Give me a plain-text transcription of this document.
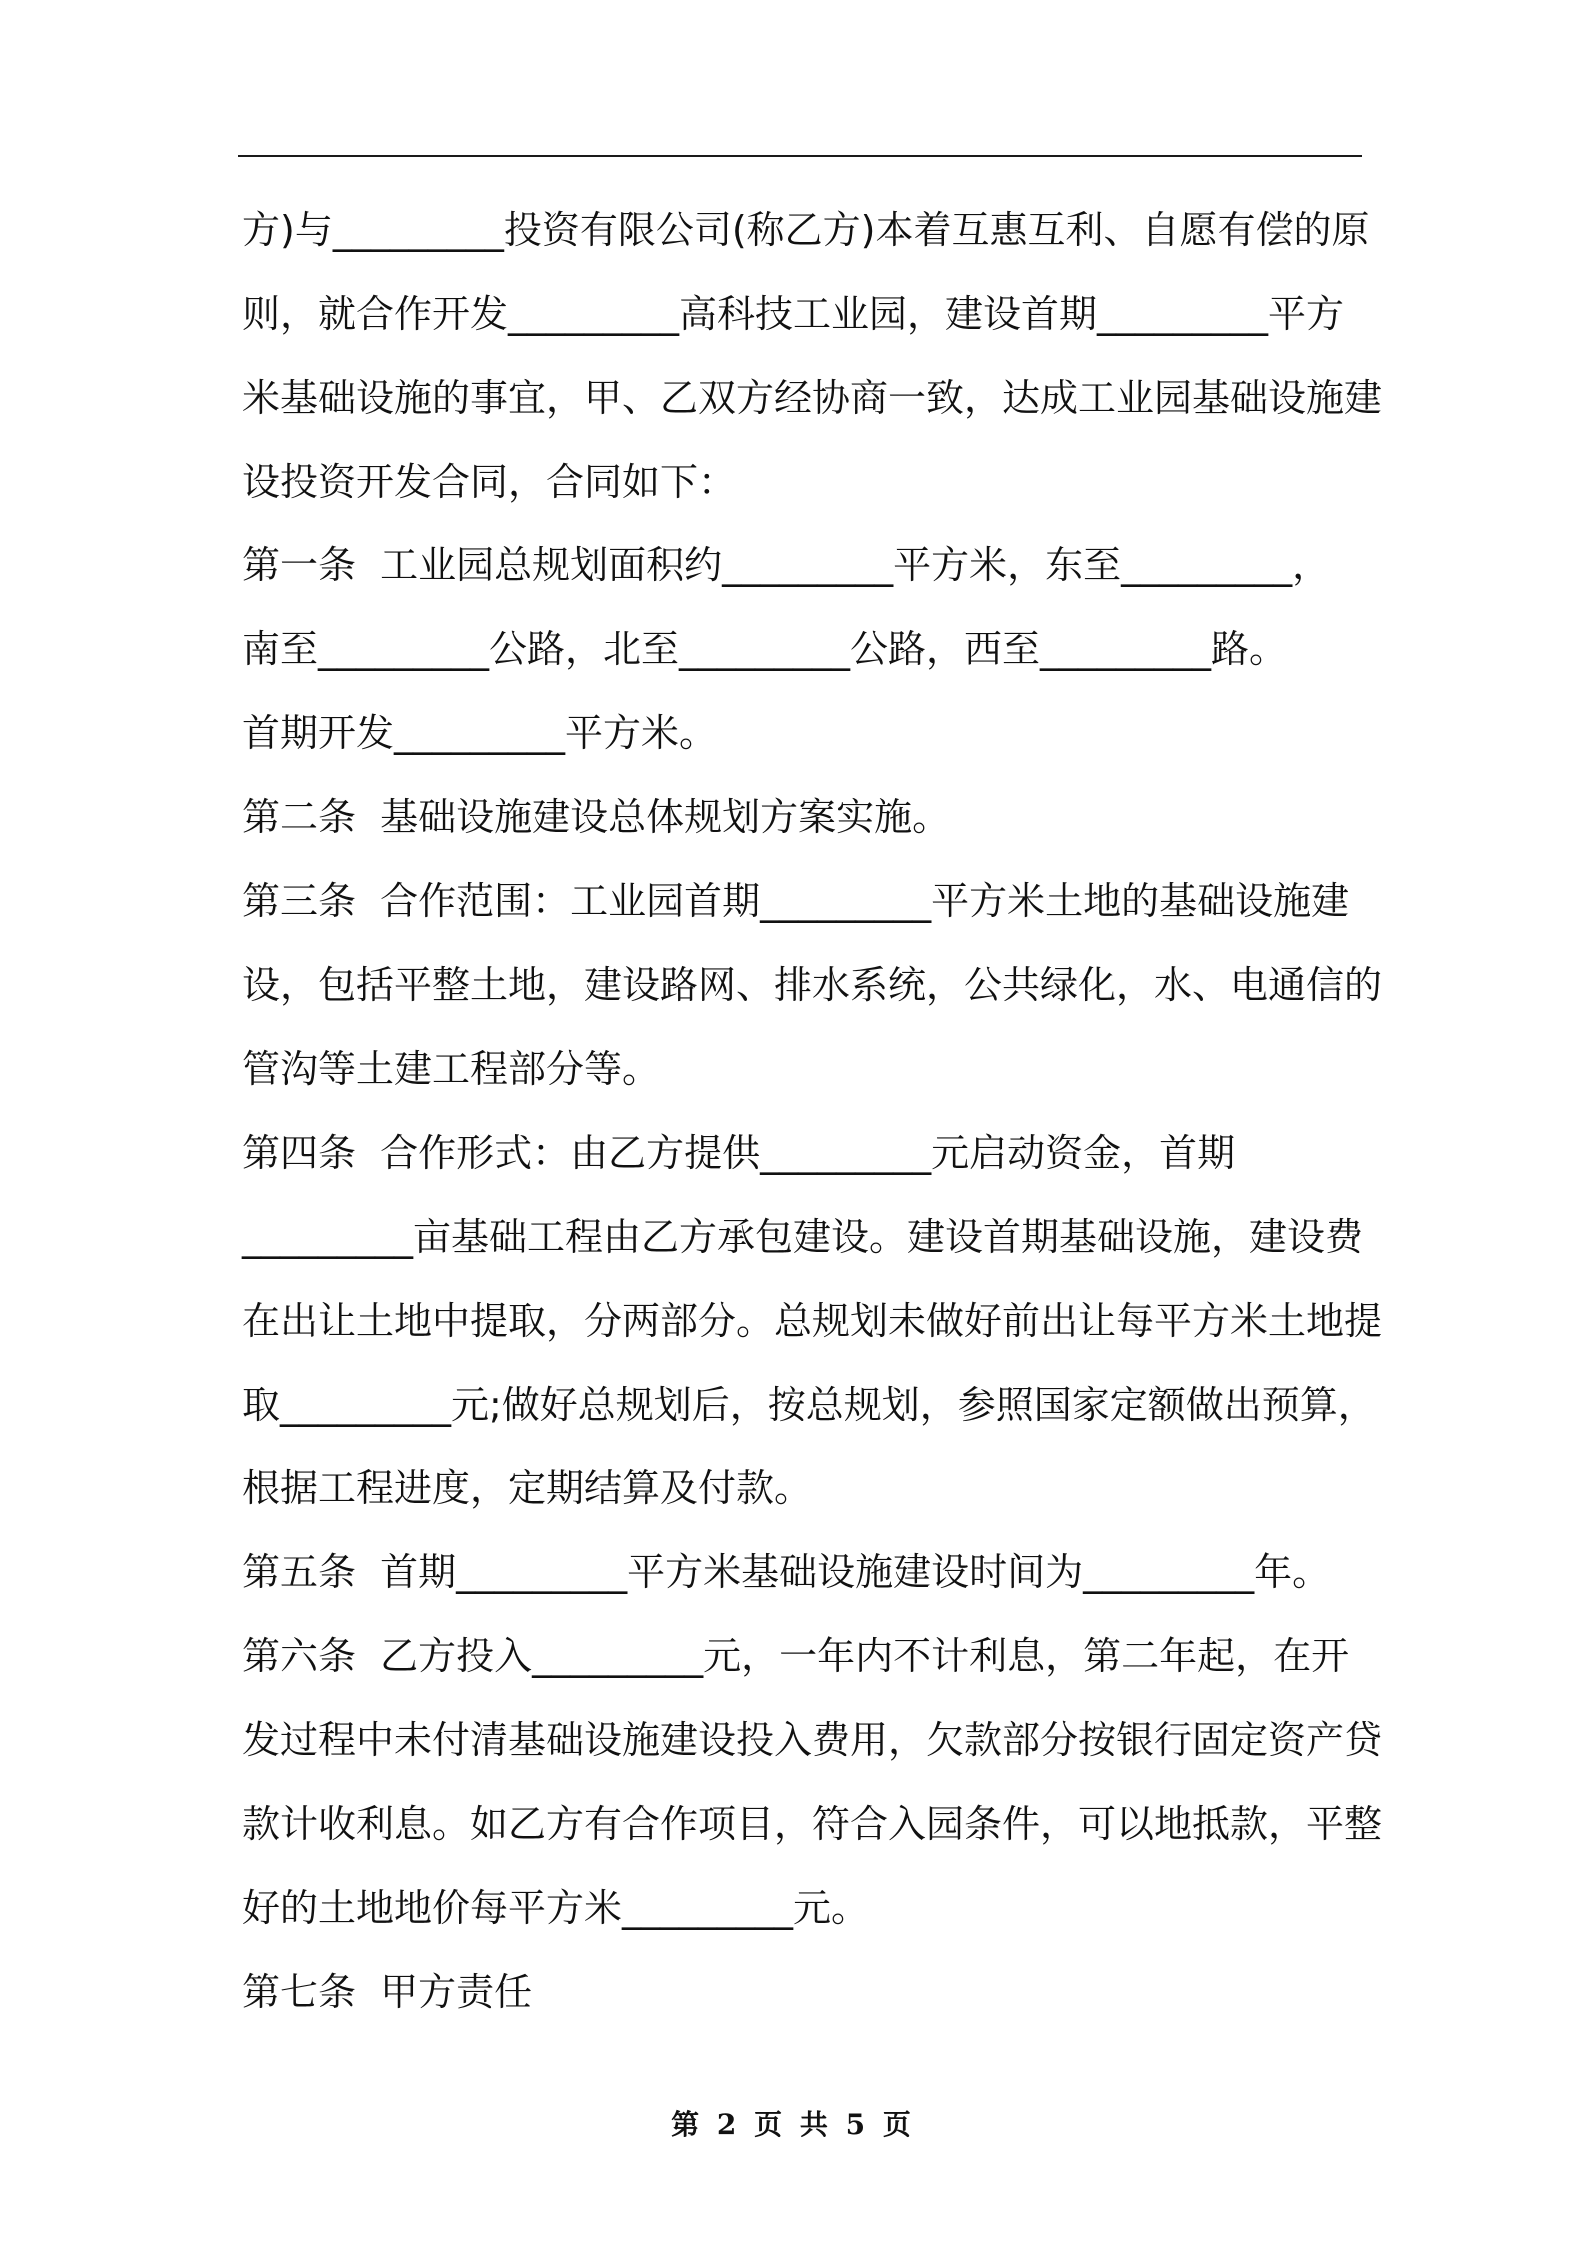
方)与_________投资有限公司(称乙方)本着互惠互利、自愿有偿的原
则，就合作开发_________高科技工业园，建设首期_________平方
米基础设施的事宜，甲、乙双方经协商一致，达成工业园基础设施建
设投资开发合同，合同如下：
第一条  工业园总规划面积约_________平方米，东至_________，
南至_________公路，北至_________公路，西至_________路。
首期开发_________平方米。
第二条  基础设施建设总体规划方案实施。
第三条  合作范围：工业园首期_________平方米土地的基础设施建
设，包括平整土地，建设路网、排水系统，公共绿化，水、电通信的
管沟等土建工程部分等。
第四条  合作形式：由乙方提供_________元启动资金，首期
_________亩基础工程由乙方承包建设。建设首期基础设施，建设费
在出让土地中提取，分两部分。总规划未做好前出让每平方米土地提
取_________元;做好总规划后，按总规划，参照国家定额做出预算，
根据工程进度，定期结算及付款。
第五条  首期_________平方米基础设施建设时间为_________年。
第六条  乙方投入_________元，一年内不计利息，第二年起，在开
发过程中未付清基础设施建设投入费用，欠款部分按银行固定资产贷
款计收利息。如乙方有合作项目，符合入园条件，可以地抵款，平整
好的土地地价每平方米_________元。
第七条  甲方责任
第 2 页 共 5 页
